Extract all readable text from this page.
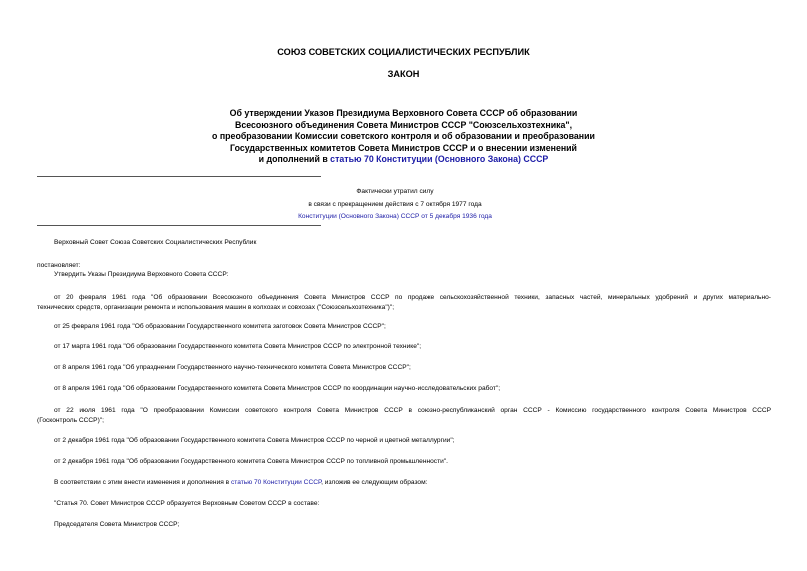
СОЮЗ СОВЕТСКИХ СОЦИАЛИСТИЧЕСКИХ РЕСПУБЛИК
ЗАКОН
Об утверждении Указов Президиума Верховного Совета СССР об образовании
Всесоюзного объединения Совета Министров СССР "Союзсельхозтехника",
о преобразовании Комиссии советского контроля и об образовании и преобразовании
Государственных комитетов Совета Министров СССР и о внесении изменений
и дополнений в статью 70 Конституции (Основного Закона) СССР
Фактически утратил силу
в связи с прекращением действия с 7 октября 1977 года
Конституции (Основного Закона) СССР от 5 декабря 1936 года
Верховный Совет Союза Советских Социалистических Республик
постановляет:
Утвердить Указы Президиума Верховного Совета СССР:
от 20 февраля 1961 года "Об образовании Всесоюзного объединения Совета Министров СССР по продаже сельскохозяйственной техники, запасных частей, минеральных удобрений и других материально-
технических средств, организации ремонта и использования машин в колхозах и совхозах ("Союзсельхозтехника")";
от 25 февраля 1961 года "Об образовании Государственного комитета заготовок Совета Министров СССР";
от 17 марта 1961 года "Об образовании Государственного комитета Совета Министров СССР по электронной технике";
от 8 апреля 1961 года "Об упразднении Государственного научно-технического комитета Совета Министров СССР";
от 8 апреля 1961 года "Об образовании Государственного комитета Совета Министров СССР по координации научно-исследовательских работ";
от 22 июля 1961 года "О преобразовании Комиссии советского контроля Совета Министров СССР в союзно-республиканский орган СССР - Комиссию государственного контроля Совета Министров СССР
(Госконтроль СССР)";
от 2 декабря 1961 года "Об образовании Государственного комитета Совета Министров СССР по черной и цветной металлургии";
от 2 декабря 1961 года "Об образовании Государственного комитета Совета Министров СССР по топливной промышленности".
В соответствии с этим внести изменения и дополнения в статью 70 Конституции СССР, изложив ее следующим образом:
"Статья 70. Совет Министров СССР образуется Верховным Советом СССР в составе:
Председателя Совета Министров СССР;
